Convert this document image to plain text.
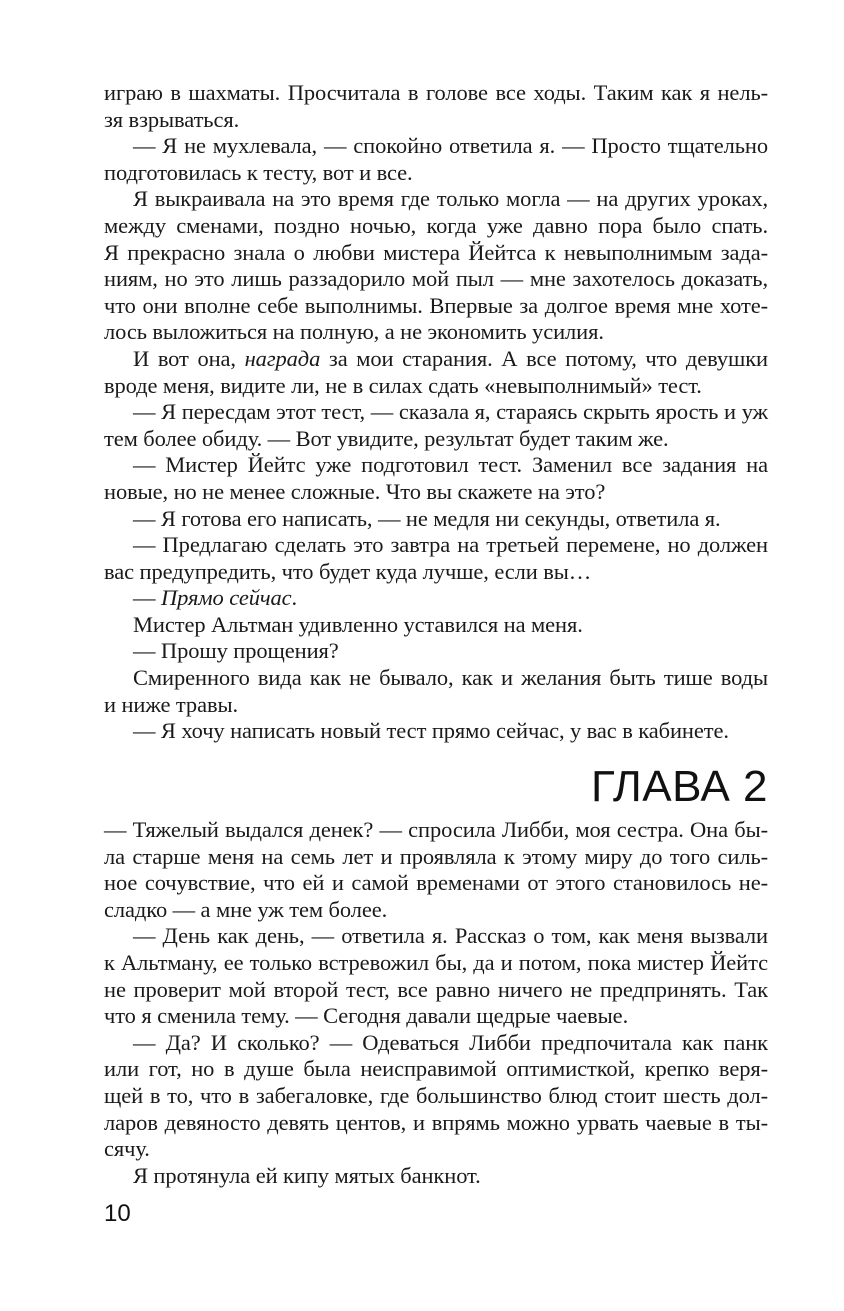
играю в шахматы. Просчитала в голове все ходы. Таким как я нель-
зя взрываться.
— Я не мухлевала, — спокойно ответила я. — Просто тщательно
подготовилась к тесту, вот и все.
Я выкраивала на это время где только могла — на других уроках,
между сменами, поздно ночью, когда уже давно пора было спать.
Я прекрасно знала о любви мистера Йейтса к невыполнимым зада-
ниям, но это лишь раззадорило мой пыл — мне захотелось доказать,
что они вполне себе выполнимы. Впервые за долгое время мне хоте-
лось выложиться на полную, а не экономить усилия.
И вот она, награда за мои старания. А все потому, что девушки
вроде меня, видите ли, не в силах сдать «невыполнимый» тест.
— Я пересдам этот тест, — сказала я, стараясь скрыть ярость и уж
тем более обиду. — Вот увидите, результат будет таким же.
— Мистер Йейтс уже подготовил тест. Заменил все задания на
новые, но не менее сложные. Что вы скажете на это?
— Я готова его написать, — не медля ни секунды, ответила я.
— Предлагаю сделать это завтра на третьей перемене, но должен
вас предупредить, что будет куда лучше, если вы…
— Прямо сейчас.
Мистер Альтман удивленно уставился на меня.
— Прошу прощения?
Смиренного вида как не бывало, как и желания быть тише воды
и ниже травы.
— Я хочу написать новый тест прямо сейчас, у вас в кабинете.
ГЛАВА 2
— Тяжелый выдался денек? — спросила Либби, моя сестра. Она бы-
ла старше меня на семь лет и проявляла к этому миру до того силь-
ное сочувствие, что ей и самой временами от этого становилось не-
сладко — а мне уж тем более.
— День как день, — ответила я. Рассказ о том, как меня вызвали
к Альтману, ее только встревожил бы, да и потом, пока мистер Йейтс
не проверит мой второй тест, все равно ничего не предпринять. Так
что я сменила тему. — Сегодня давали щедрые чаевые.
— Да? И сколько? — Одеваться Либби предпочитала как панк
или гот, но в душе была неисправимой оптимисткой, крепко веря-
щей в то, что в забегаловке, где большинство блюд стоит шесть дол-
ларов девяносто девять центов, и впрямь можно урвать чаевые в ты-
сячу.
Я протянула ей кипу мятых банкнот.
10
